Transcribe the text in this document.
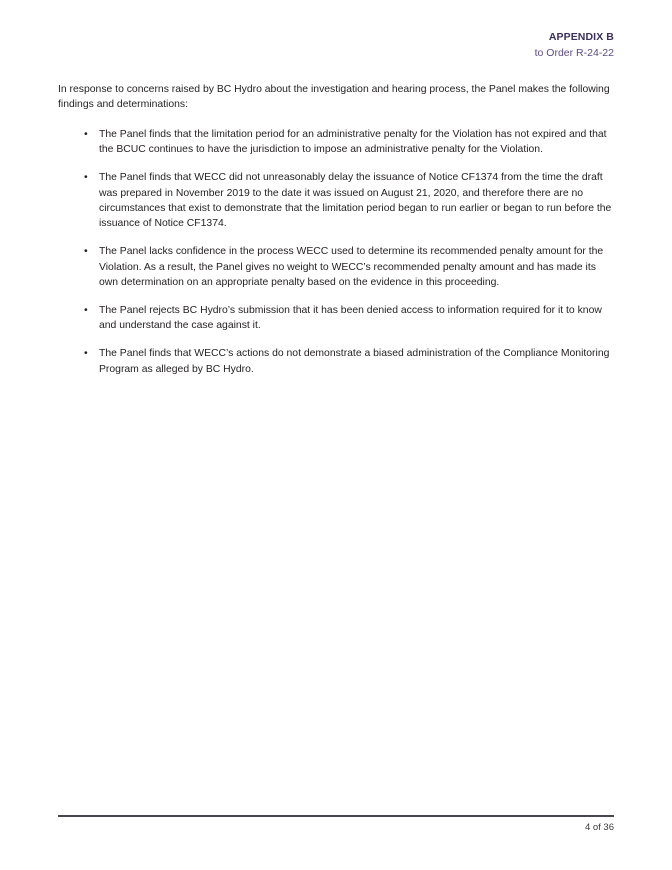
APPENDIX B
to Order R-24-22

In response to concerns raised by BC Hydro about the investigation and hearing process, the Panel makes the following findings and determinations:

• The Panel finds that the limitation period for an administrative penalty for the Violation has not expired and that the BCUC continues to have the jurisdiction to impose an administrative penalty for the Violation.
• The Panel finds that WECC did not unreasonably delay the issuance of Notice CF1374 from the time the draft was prepared in November 2019 to the date it was issued on August 21, 2020, and therefore there are no circumstances that exist to demonstrate that the limitation period began to run earlier or began to run before the issuance of Notice CF1374.
• The Panel lacks confidence in the process WECC used to determine its recommended penalty amount for the Violation. As a result, the Panel gives no weight to WECC’s recommended penalty amount and has made its own determination on an appropriate penalty based on the evidence in this proceeding.
• The Panel rejects BC Hydro’s submission that it has been denied access to information required for it to know and understand the case against it.
• The Panel finds that WECC’s actions do not demonstrate a biased administration of the Compliance Monitoring Program as alleged by BC Hydro.
4 of 36
